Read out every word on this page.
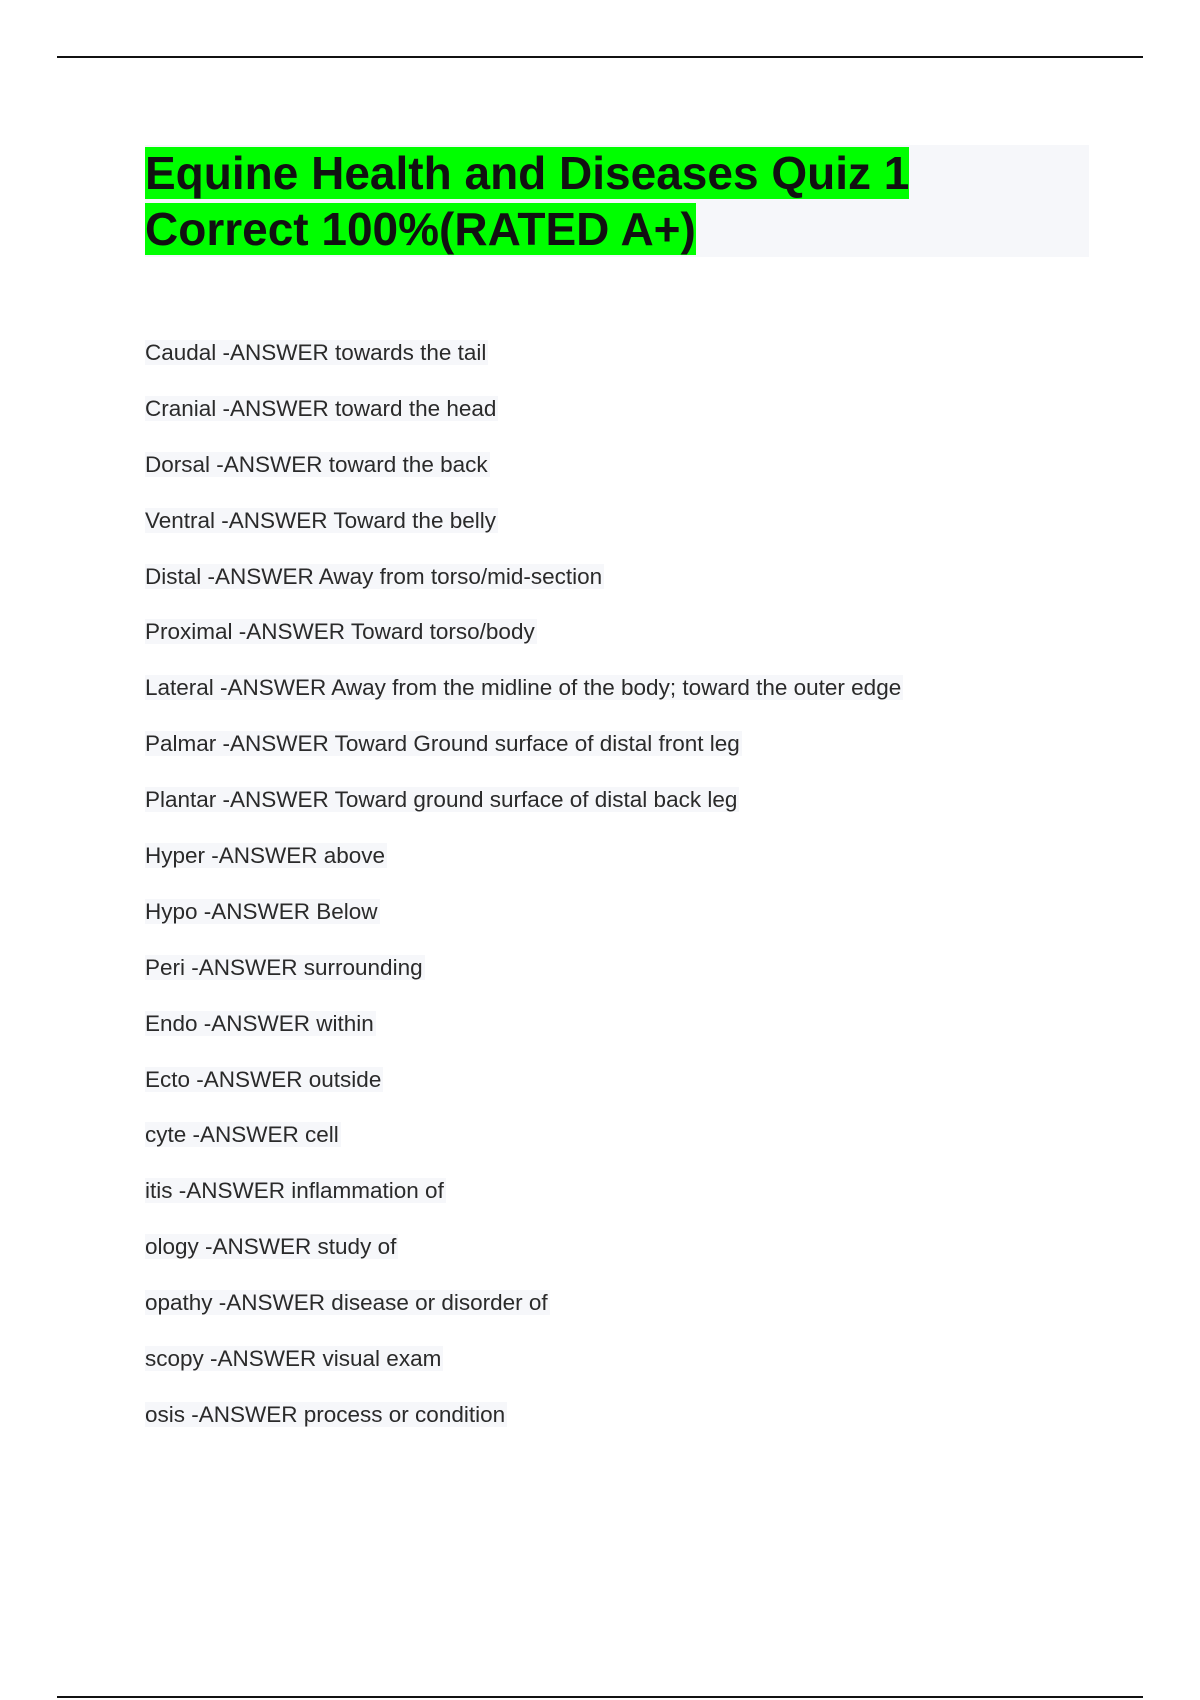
Equine Health and Diseases Quiz 1
Correct 100%(RATED A+)
Caudal -ANSWER towards the tail
Cranial -ANSWER toward the head
Dorsal -ANSWER toward the back
Ventral -ANSWER Toward the belly
Distal -ANSWER Away from torso/mid-section
Proximal -ANSWER Toward torso/body
Lateral -ANSWER Away from the midline of the body; toward the outer edge
Palmar -ANSWER Toward Ground surface of distal front leg
Plantar -ANSWER Toward ground surface of distal back leg
Hyper -ANSWER above
Hypo -ANSWER Below
Peri -ANSWER surrounding
Endo -ANSWER within
Ecto -ANSWER outside
cyte -ANSWER cell
itis -ANSWER inflammation of
ology -ANSWER study of
opathy -ANSWER disease or disorder of
scopy -ANSWER visual exam
osis -ANSWER process or condition
